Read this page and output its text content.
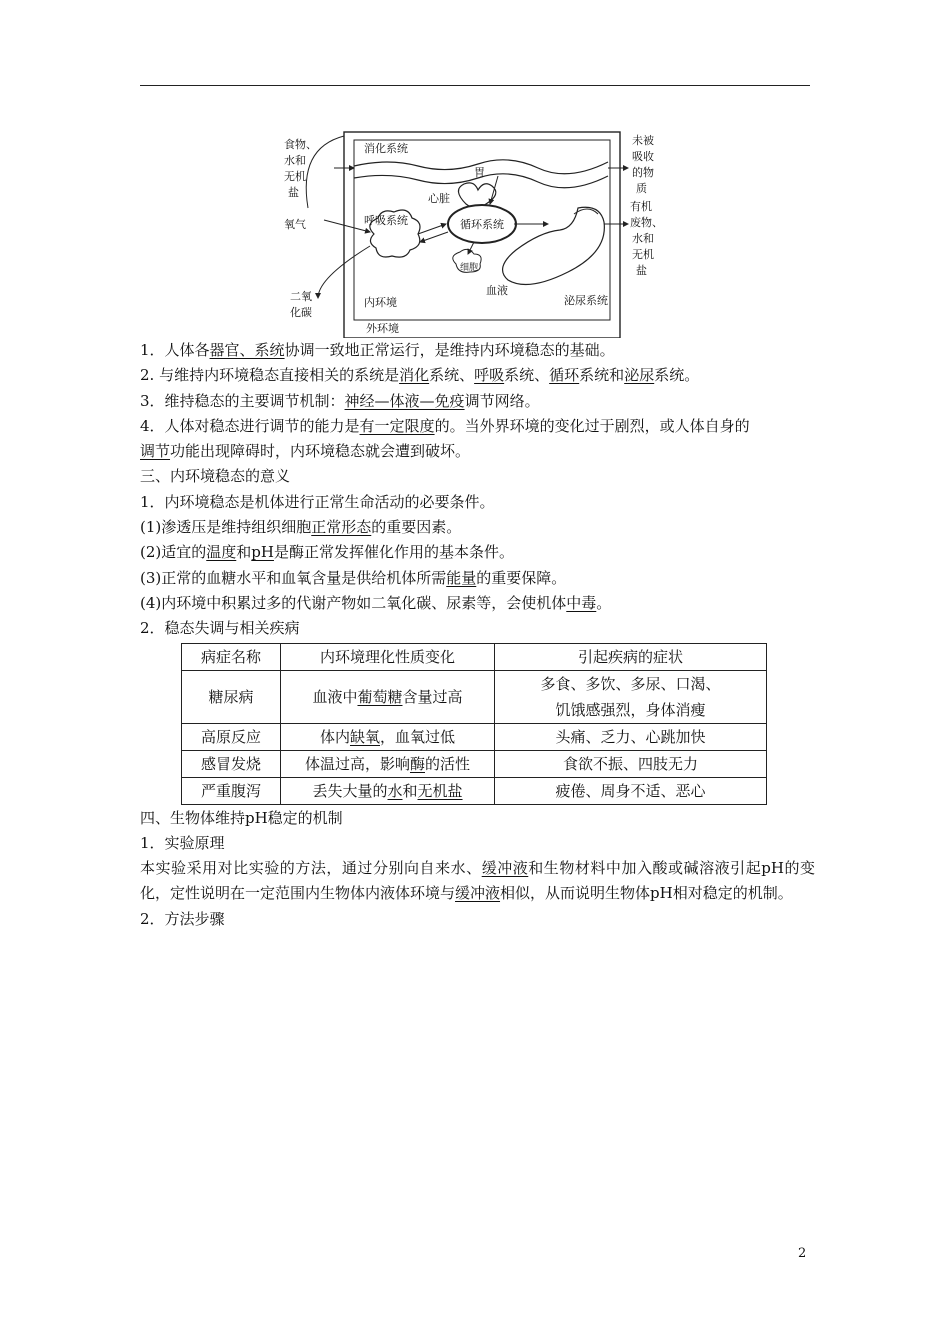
食物、
水和
无机
盐
氧气
二氧
化碳
消化系统
胃
心脏
呼吸系统	循环系统
细胞
内环境
血液
泌尿系统
外环境
未被
吸收
的物
质
有机
废物、
水和
无机
盐
1．人体各器官、系统协调一致地正常运行，是维持内环境稳态的基础。
2. 与维持内环境稳态直接相关的系统是消化系统、呼吸系统、循环系统和泌尿系统。
3．维持稳态的主要调节机制：神经—体液—免疫调节网络。
4．人体对稳态进行调节的能力是有一定限度的。当外界环境的变化过于剧烈，或人体自身的
调节功能出现障碍时，内环境稳态就会遭到破坏。
三、内环境稳态的意义
1．内环境稳态是机体进行正常生命活动的必要条件。
(1)渗透压是维持组织细胞正常形态的重要因素。
(2)适宜的温度和pH是酶正常发挥催化作用的基本条件。
(3)正常的血糖水平和血氧含量是供给机体所需能量的重要保障。
(4)内环境中积累过多的代谢产物如二氧化碳、尿素等，会使机体中毒。
2．稳态失调与相关疾病
病症名称	内环境理化性质变化	引起疾病的症状
糖尿病	血液中葡萄糖含量过高	多食、多饮、多尿、口渴、
饥饿感强烈，身体消瘦

高原反应	体内缺氧，血氧过低	头痛、乏力、心跳加快
感冒发烧	体温过高，影响酶的活性	食欲不振、四肢无力
严重腹泻	丢失大量的水和无机盐	疲倦、周身不适、恶心
四、生物体维持pH稳定的机制
1．实验原理
本实验采用对比实验的方法，通过分别向自来水、缓冲液和生物材料中加入酸或碱溶液引起pH的变化，定性说明在一定范围内生物体内液体环境与缓冲液相似，从而说明生物体pH相对稳定的机制。
2．方法步骤
2
